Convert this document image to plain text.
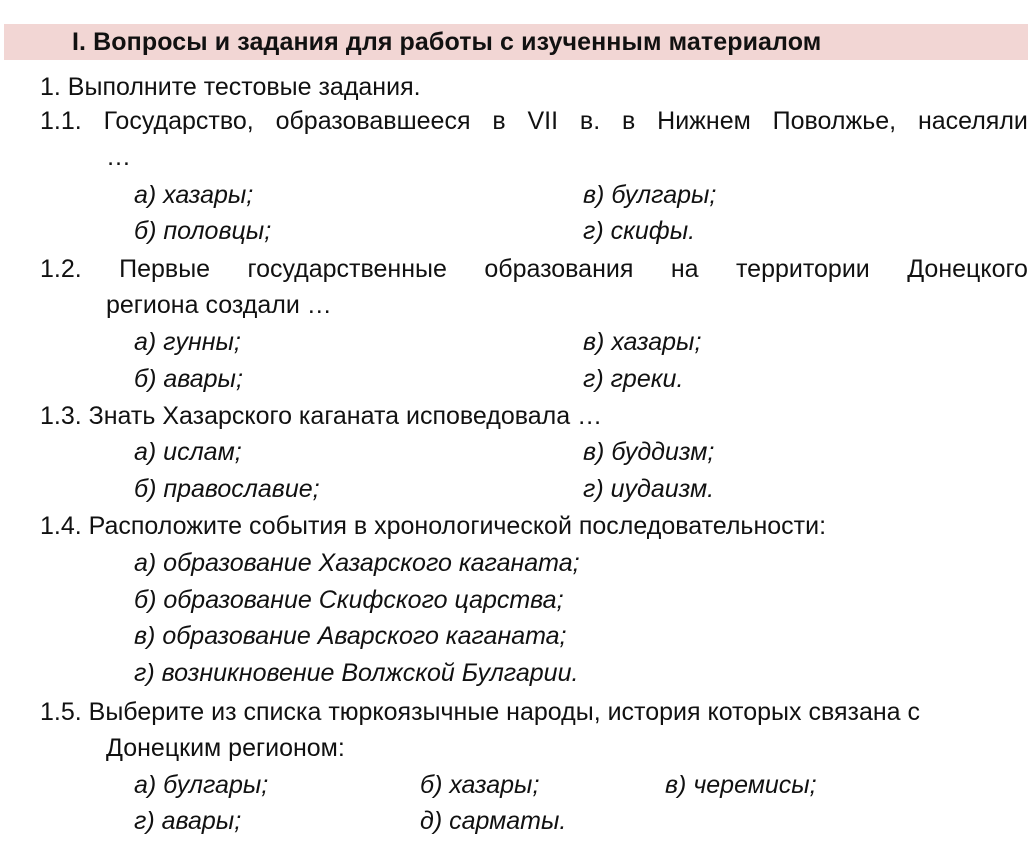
I. Вопросы и задания для работы с изученным материалом
1. Выполните тестовые задания.
1.1. Государство, образовавшееся в VII в. в Нижнем Поволжье, населяли
…
а) хазары;	в) булгары;
б) половцы;	г) скифы.
1.2. Первые государственные образования на территории Донецкого
региона создали …
а) гунны;	в) хазары;
б) авары;	г) греки.
1.3. Знать Хазарского каганата исповедовала …
а) ислам;	в) буддизм;
б) православие;	г) иудаизм.
1.4. Расположите события в хронологической последовательности:
а) образование Хазарского каганата;
б) образование Скифского царства;
в) образование Аварского каганата;
г) возникновение Волжской Булгарии.
1.5. Выберите из списка тюркоязычные народы, история которых связана с
Донецким регионом:
а) булгары;	б) хазары;	в) черемисы;
г) авары;	д) сарматы.
